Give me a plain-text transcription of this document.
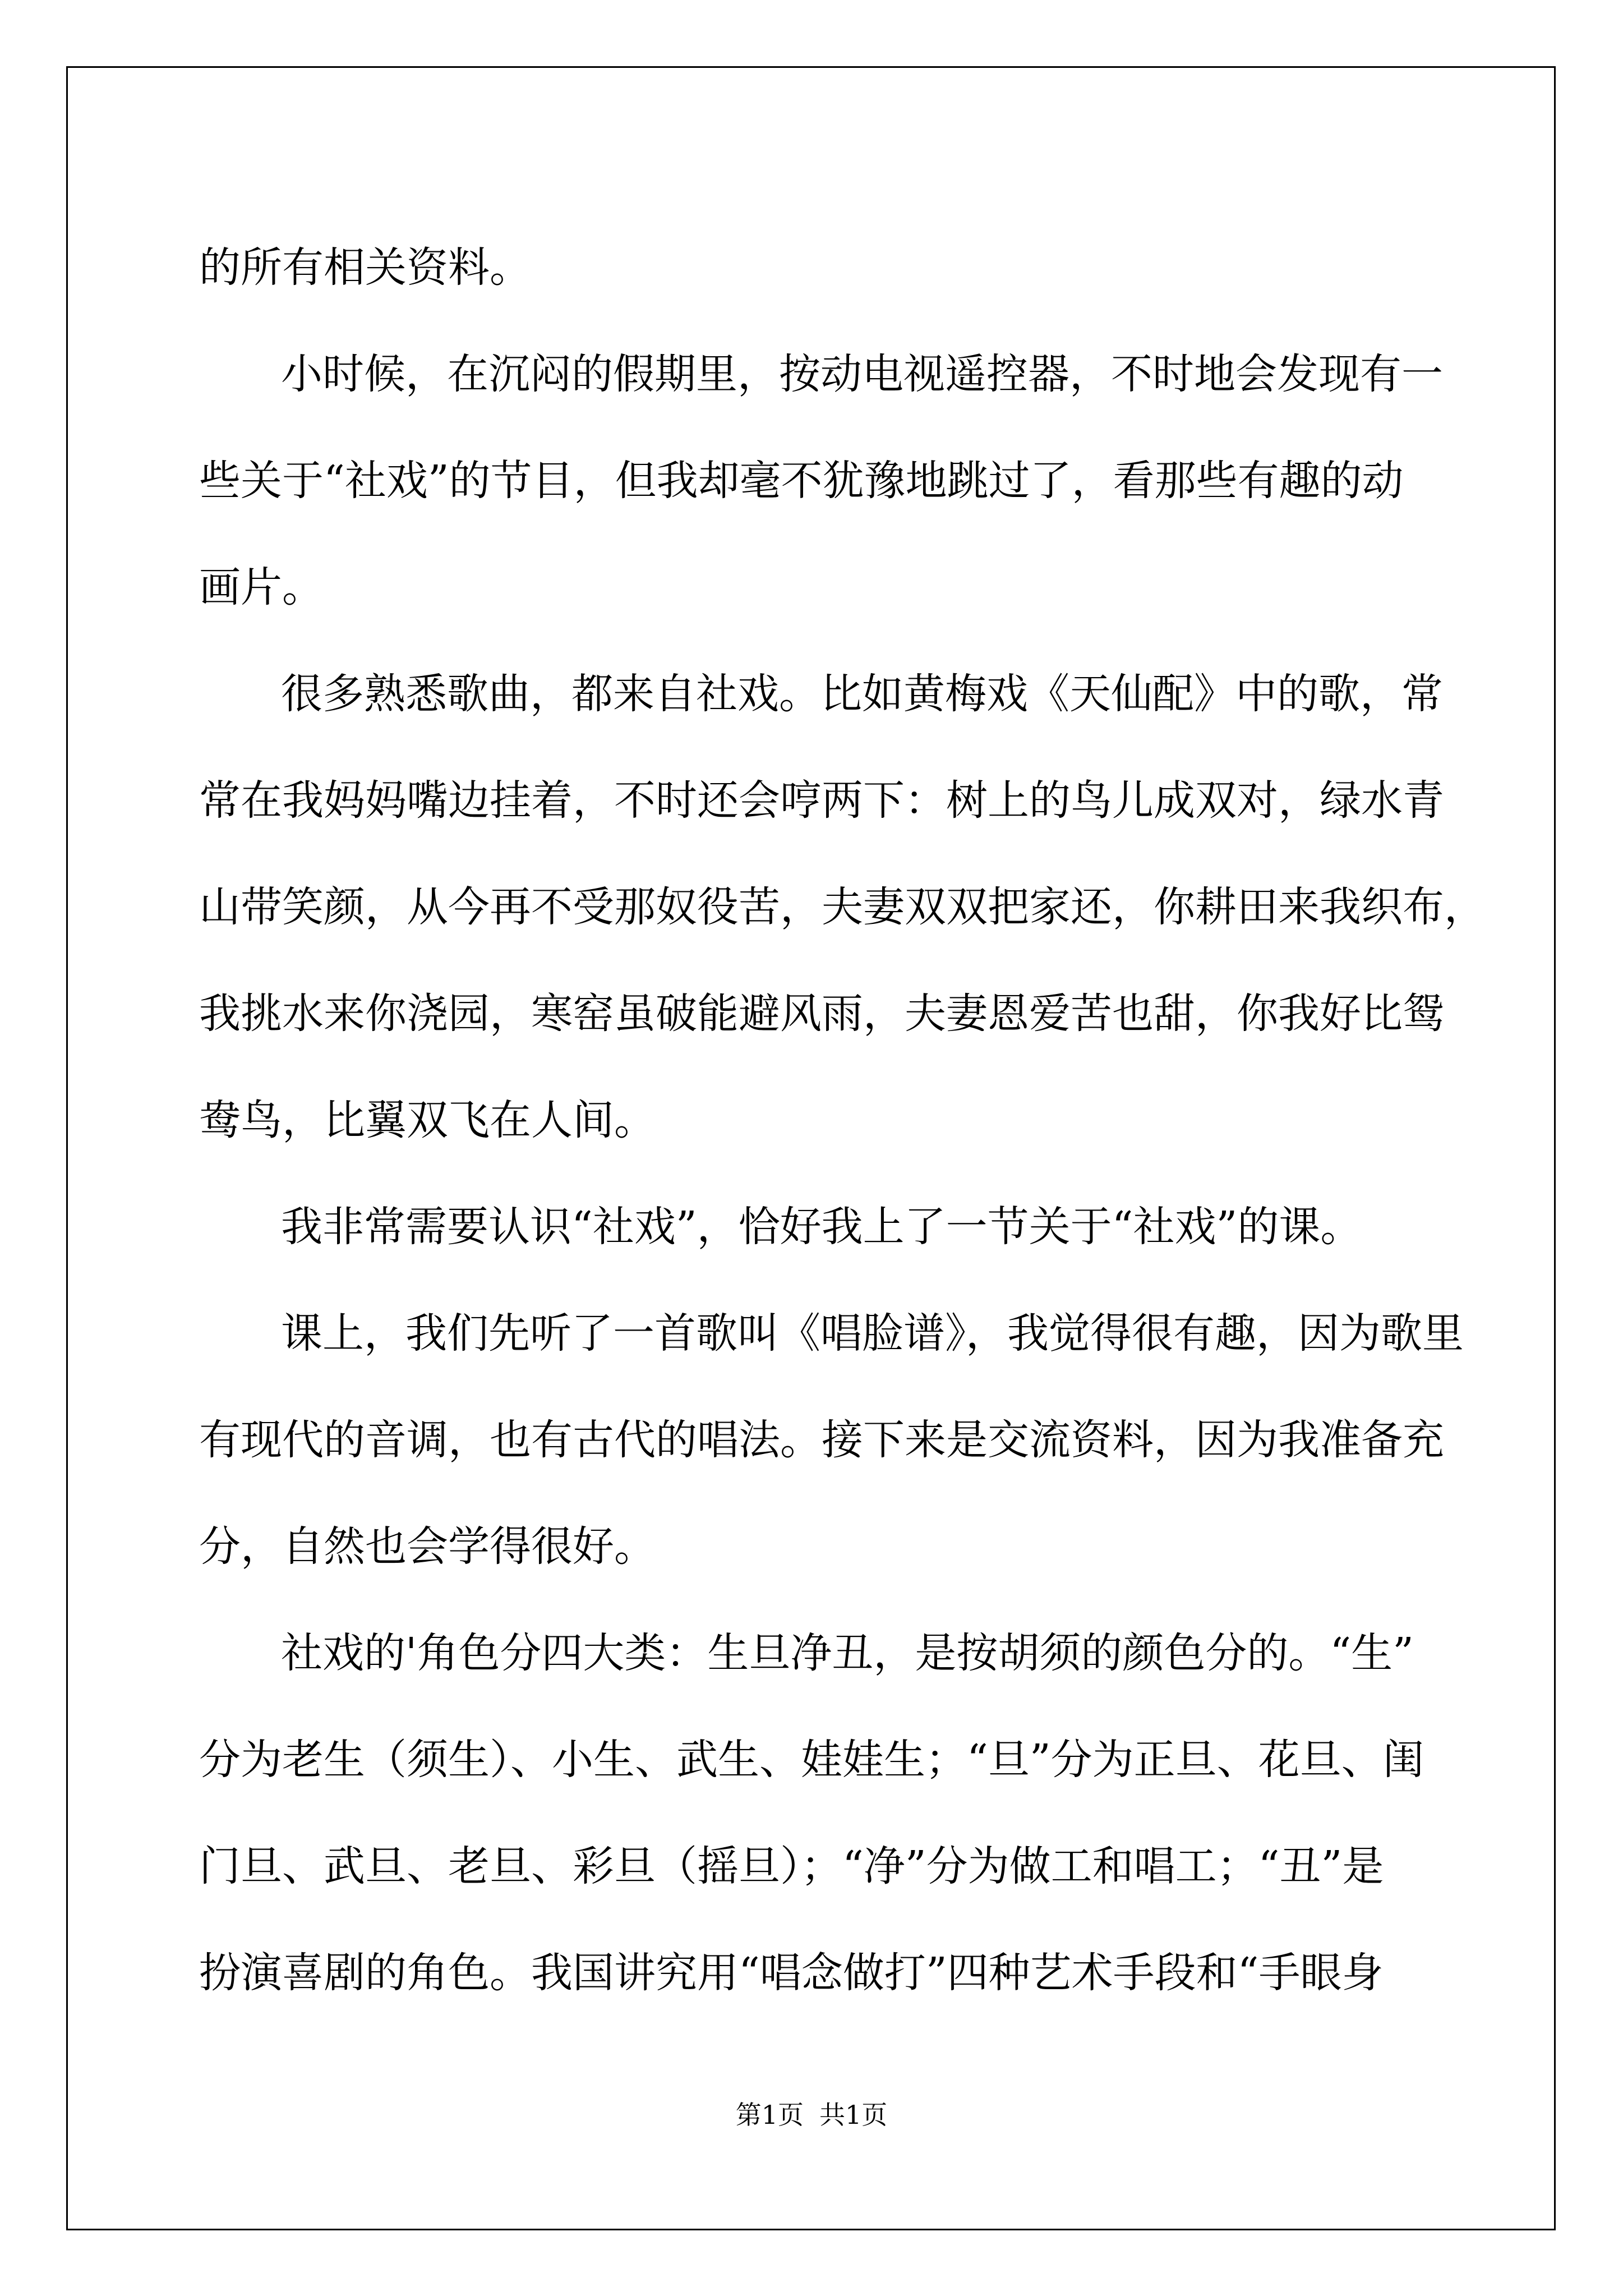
的所有相关资料。
小时候，在沉闷的假期里，按动电视遥控器，不时地会发现有一
些关于“社戏”的节目，但我却毫不犹豫地跳过了，看那些有趣的动
画片。
很多熟悉歌曲，都来自社戏。比如黄梅戏《天仙配》中的歌，常
常在我妈妈嘴边挂着，不时还会哼两下：树上的鸟儿成双对，绿水青
山带笑颜，从今再不受那奴役苦，夫妻双双把家还，你耕田来我织布，
我挑水来你浇园，寒窑虽破能避风雨，夫妻恩爱苦也甜，你我好比鸳
鸯鸟，比翼双飞在人间。
我非常需要认识“社戏”，恰好我上了一节关于“社戏”的课。
课上，我们先听了一首歌叫《唱脸谱》，我觉得很有趣，因为歌里
有现代的音调，也有古代的唱法。接下来是交流资料，因为我准备充
分，自然也会学得很好。
社戏的'角色分四大类：生旦净丑，是按胡须的颜色分的。“生”
分为老生（须生）、小生、武生、娃娃生；“旦”分为正旦、花旦、闺
门旦、武旦、老旦、彩旦（摇旦）；“净”分为做工和唱工；“丑”是
扮演喜剧的角色。我国讲究用“唱念做打”四种艺术手段和“手眼身
第1页 共1页
